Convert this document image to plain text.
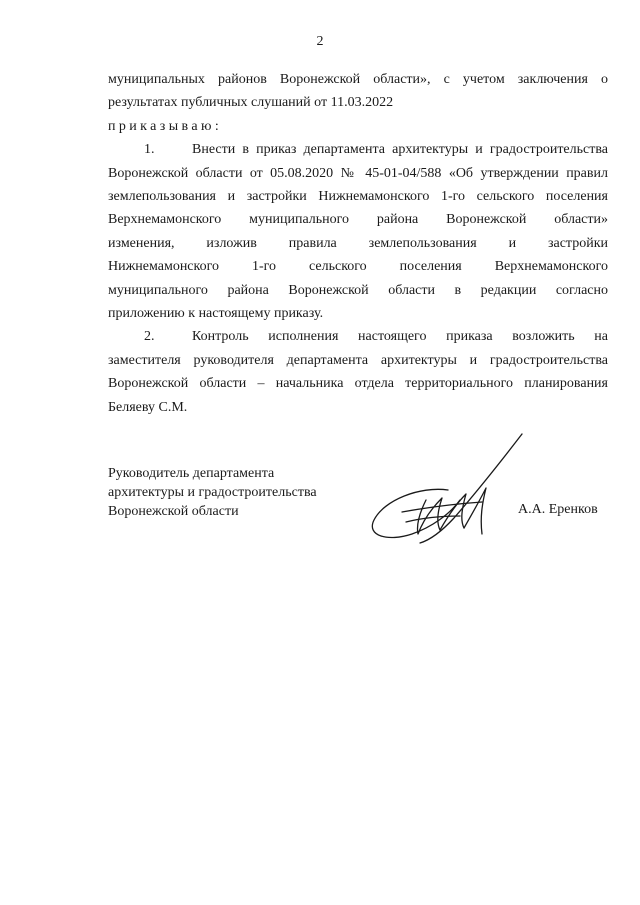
2

муниципальных районов Воронежской области», с учетом заключения о

результатах публичных слушаний от 11.03.2022

приказываю:

1.	Внести в приказ департамента архитектуры и градостроительства

Воронежской области от 05.08.2020 № 45-01-04/588 «Об утверждении правил

землепользования и застройки Нижнемамонского 1-го сельского поселения

Верхнемамонского муниципального района Воронежской области»

изменения, изложив правила землепользования и застройки

Нижнемамонского 1-го сельского поселения Верхнемамонского

муниципального района Воронежской области в редакции согласно

приложению к настоящему приказу.

2.	Контроль исполнения настоящего приказа возложить на

заместителя руководителя департамента архитектуры и градостроительства

Воронежской области – начальника отдела территориального планирования

Беляеву С.М.

Руководитель департамента
архитектуры и градостроительства
Воронежской области	А.А. Еренков
